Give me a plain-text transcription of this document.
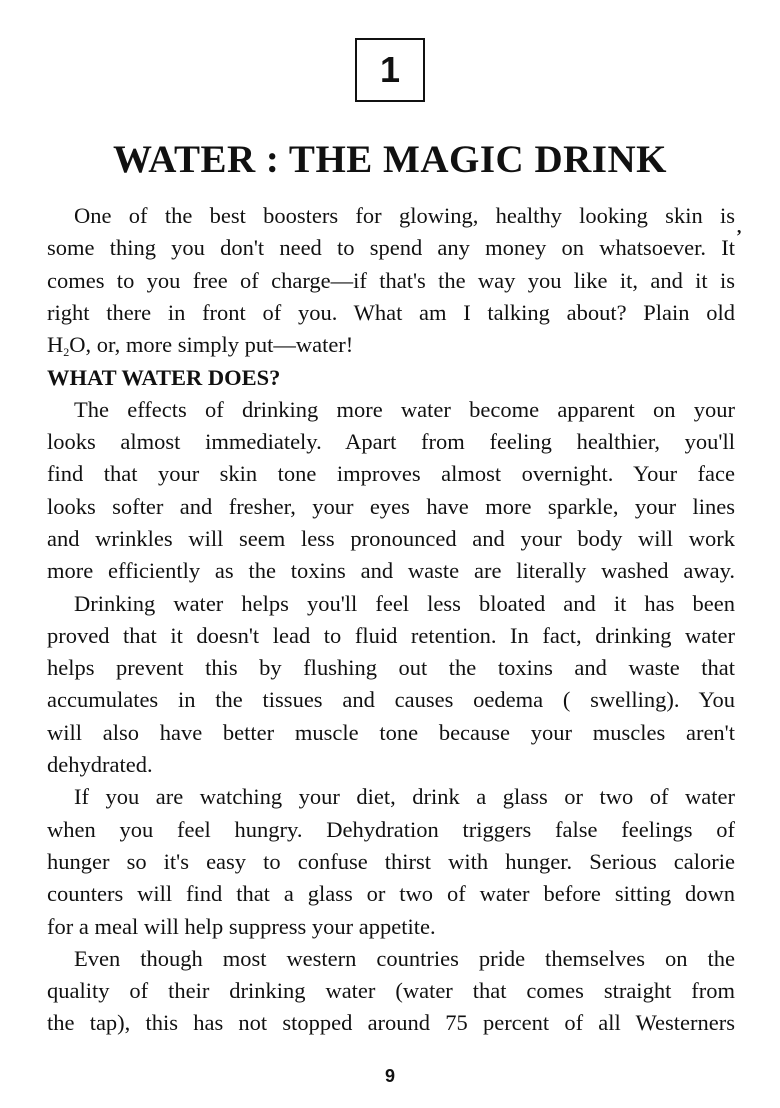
1
WATER : THE MAGIC DRINK
ʼ
One of the best boosters for glowing, healthy looking skin is
some thing you don't need to spend any money on whatsoever. It
comes to you free of charge—if that's the way you like it, and it is
right there in front of you. What am I talking about? Plain old
$H_2O$, or, more simply put—water!
WHAT WATER DOES?
The effects of drinking more water become apparent on your
looks almost immediately. Apart from feeling healthier, you'll
find that your skin tone improves almost overnight. Your face
looks softer and fresher, your eyes have more sparkle, your lines
and wrinkles will seem less pronounced and your body will work
more efficiently as the toxins and waste are literally washed away.
Drinking water helps you'll feel less bloated and it has been
proved that it doesn't lead to fluid retention. In fact, drinking water
helps prevent this by flushing out the toxins and waste that
accumulates in the tissues and causes oedema ( swelling). You
will also have better muscle tone because your muscles aren't
dehydrated.
If you are watching your diet, drink a glass or two of water
when you feel hungry. Dehydration triggers false feelings of
hunger so it's easy to confuse thirst with hunger. Serious calorie
counters will find that a glass or two of water before sitting down
for a meal will help suppress your appetite.
Even though most western countries pride themselves on the
quality of their drinking water (water that comes straight from
the tap), this has not stopped around 75 percent of all Westerners
9
